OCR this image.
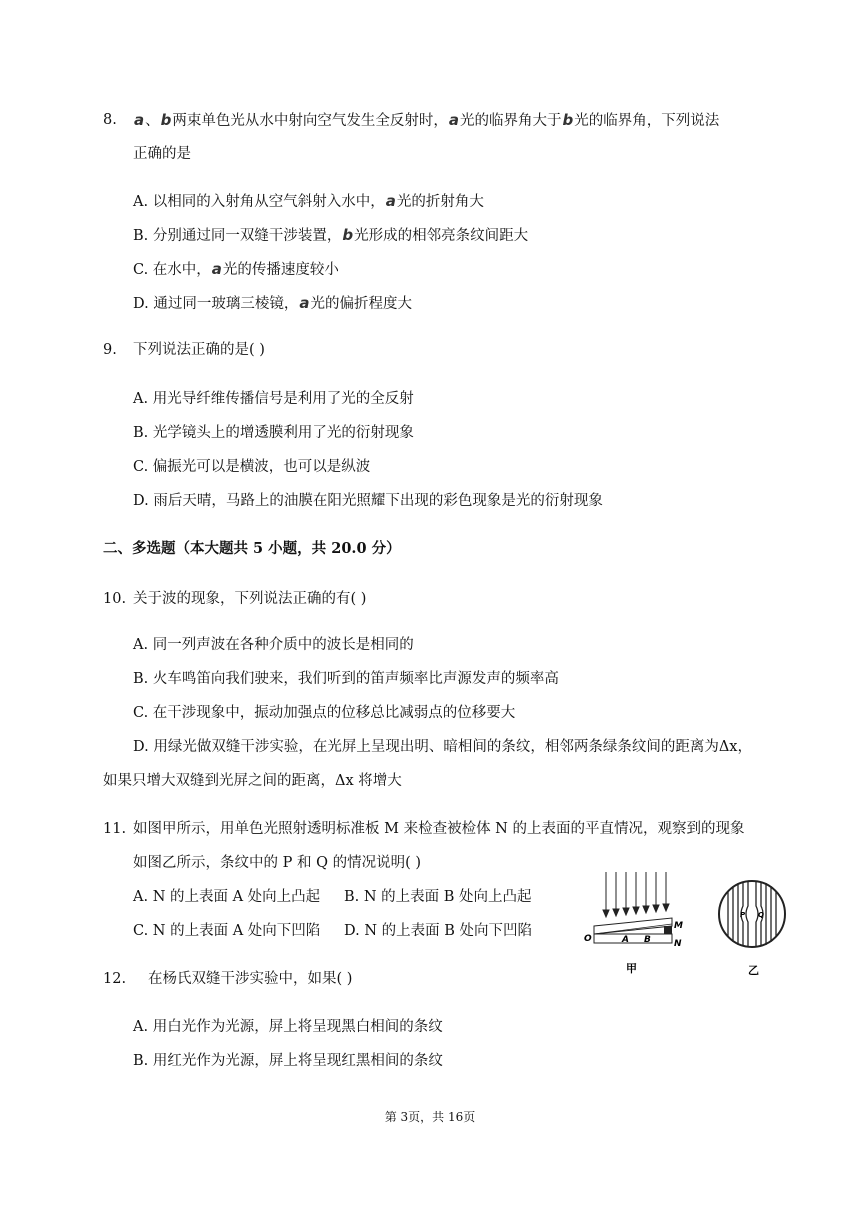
8. a、b两束单色光从水中射向空气发生全反射时，a光的临界角大于b光的临界角，下列说法
正确的是
A. 以相同的入射角从空气斜射入水中，a光的折射角大
B. 分别通过同一双缝干涉装置，b光形成的相邻亮条纹间距大
C. 在水中，a光的传播速度较小
D. 通过同一玻璃三棱镜，a光的偏折程度大
9. 下列说法正确的是( )
A. 用光导纤维传播信号是利用了光的全反射
B. 光学镜头上的增透膜利用了光的衍射现象
C. 偏振光可以是横波，也可以是纵波
D. 雨后天晴，马路上的油膜在阳光照耀下出现的彩色现象是光的衍射现象
二、多选题（本大题共 5 小题，共 20.0 分）
10. 关于波的现象，下列说法正确的有( )
A. 同一列声波在各种介质中的波长是相同的
B. 火车鸣笛向我们驶来，我们听到的笛声频率比声源发声的频率高
C. 在干涉现象中，振动加强点的位移总比减弱点的位移要大
D. 用绿光做双缝干涉实验，在光屏上呈现出明、暗相间的条纹，相邻两条绿条纹间的距离为Δx，
如果只增大双缝到光屏之间的距离，Δx 将增大
11. 如图甲所示，用单色光照射透明标准板 M 来检查被检体 N 的上表面的平直情况，观察到的现象
如图乙所示，条纹中的 P 和 Q 的情况说明( )
A. N 的上表面 A 处向上凸起 B. N 的上表面 B 处向上凸起
C. N 的上表面 A 处向下凹陷 D. N 的上表面 B 处向下凹陷	M
N
O	A B
甲
P Q
乙
12. 在杨氏双缝干涉实验中，如果( )
A. 用白光作为光源，屏上将呈现黑白相间的条纹
B. 用红光作为光源，屏上将呈现红黑相间的条纹
第 3页，共 16页
